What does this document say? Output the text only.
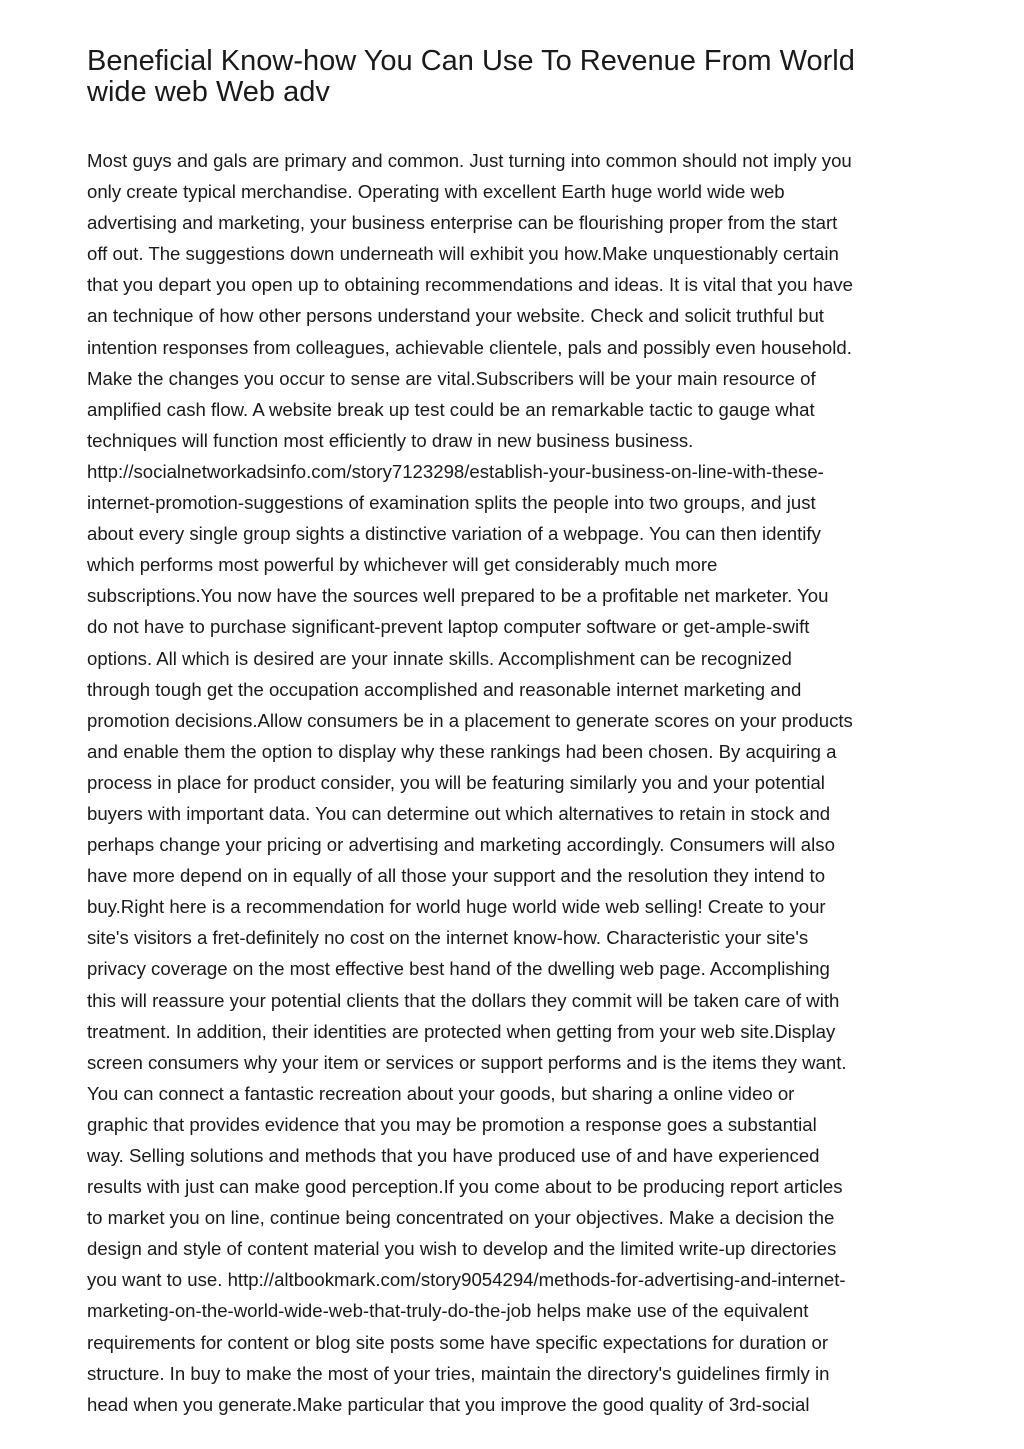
Beneficial Know-how You Can Use To Revenue From World
wide web Web adv
Most guys and gals are primary and common. Just turning into common should not imply you
only create typical merchandise. Operating with excellent Earth huge world wide web
advertising and marketing, your business enterprise can be flourishing proper from the start
off out. The suggestions down underneath will exhibit you how.Make unquestionably certain
that you depart you open up to obtaining recommendations and ideas. It is vital that you have
an technique of how other persons understand your website. Check and solicit truthful but
intention responses from colleagues, achievable clientele, pals and possibly even household.
Make the changes you occur to sense are vital.Subscribers will be your main resource of
amplified cash flow. A website break up test could be an remarkable tactic to gauge what
techniques will function most efficiently to draw in new business business.
http://socialnetworkadsinfo.com/story7123298/establish-your-business-on-line-with-these-
internet-promotion-suggestions of examination splits the people into two groups, and just
about every single group sights a distinctive variation of a webpage. You can then identify
which performs most powerful by whichever will get considerably much more
subscriptions.You now have the sources well prepared to be a profitable net marketer. You
do not have to purchase significant-prevent laptop computer software or get-ample-swift
options. All which is desired are your innate skills. Accomplishment can be recognized
through tough get the occupation accomplished and reasonable internet marketing and
promotion decisions.Allow consumers be in a placement to generate scores on your products
and enable them the option to display why these rankings had been chosen. By acquiring a
process in place for product consider, you will be featuring similarly you and your potential
buyers with important data. You can determine out which alternatives to retain in stock and
perhaps change your pricing or advertising and marketing accordingly. Consumers will also
have more depend on in equally of all those your support and the resolution they intend to
buy.Right here is a recommendation for world huge world wide web selling! Create to your
site's visitors a fret-definitely no cost on the internet know-how. Characteristic your site's
privacy coverage on the most effective best hand of the dwelling web page. Accomplishing
this will reassure your potential clients that the dollars they commit will be taken care of with
treatment. In addition, their identities are protected when getting from your web site.Display
screen consumers why your item or services or support performs and is the items they want.
You can connect a fantastic recreation about your goods, but sharing a online video or
graphic that provides evidence that you may be promotion a response goes a substantial
way. Selling solutions and methods that you have produced use of and have experienced
results with just can make good perception.If you come about to be producing report articles
to market you on line, continue being concentrated on your objectives. Make a decision the
design and style of content material you wish to develop and the limited write-up directories
you want to use. http://altbookmark.com/story9054294/methods-for-advertising-and-internet-
marketing-on-the-world-wide-web-that-truly-do-the-job helps make use of the equivalent
requirements for content or blog site posts some have specific expectations for duration or
structure. In buy to make the most of your tries, maintain the directory's guidelines firmly in
head when you generate.Make particular that you improve the good quality of 3rd-social
